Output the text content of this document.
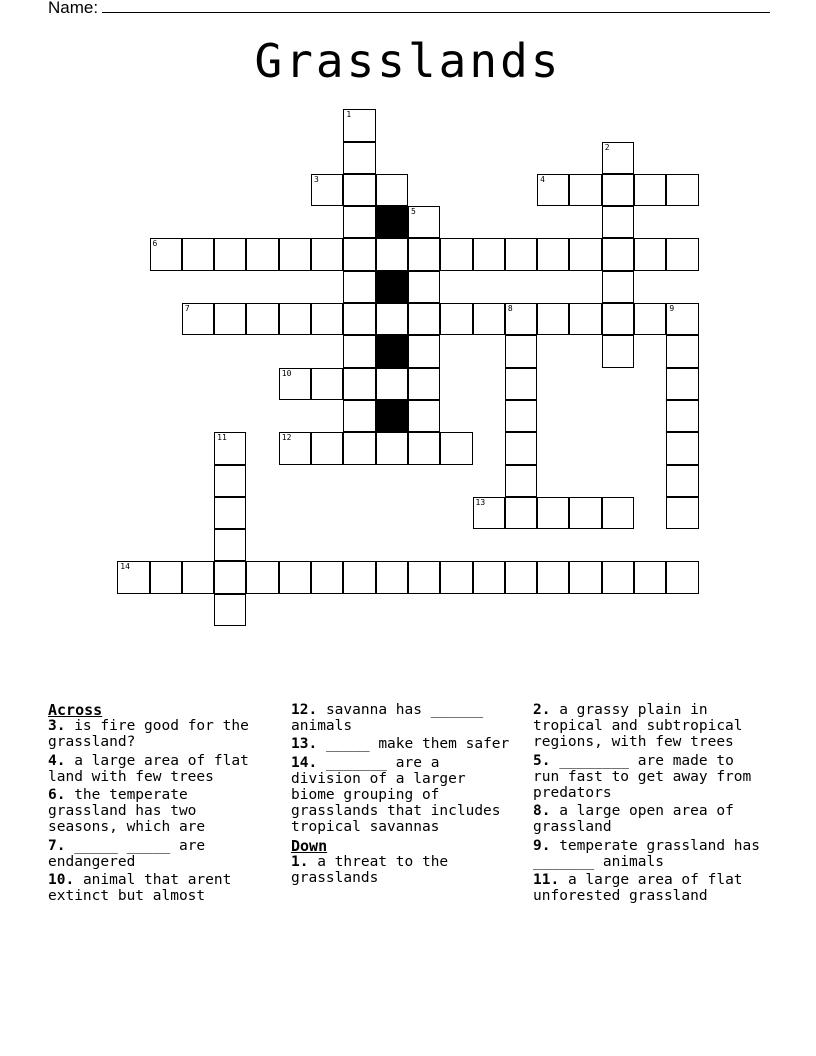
Name:
Grasslands
1
2
3	4
5
6
7	8	9
10
11	12
13
14
Across
3. is fire good for the grassland?
4. a large area of flat land with few trees
6. the temperate grassland has two seasons, which are
7. _____ _____ are endangered
10. animal that arent extinct but almost
12. savanna has ______ animals
13. _____ make them safer
14. _______ are a division of a larger biome grouping of grasslands that includes tropical savannas
Down
1. a threat to the grasslands
2. a grassy plain in tropical and subtropical regions, with few trees
5. ________ are made to run fast to get away from predators
8. a large open area of grassland
9. temperate grassland has _______ animals
11. a large area of flat unforested grassland
